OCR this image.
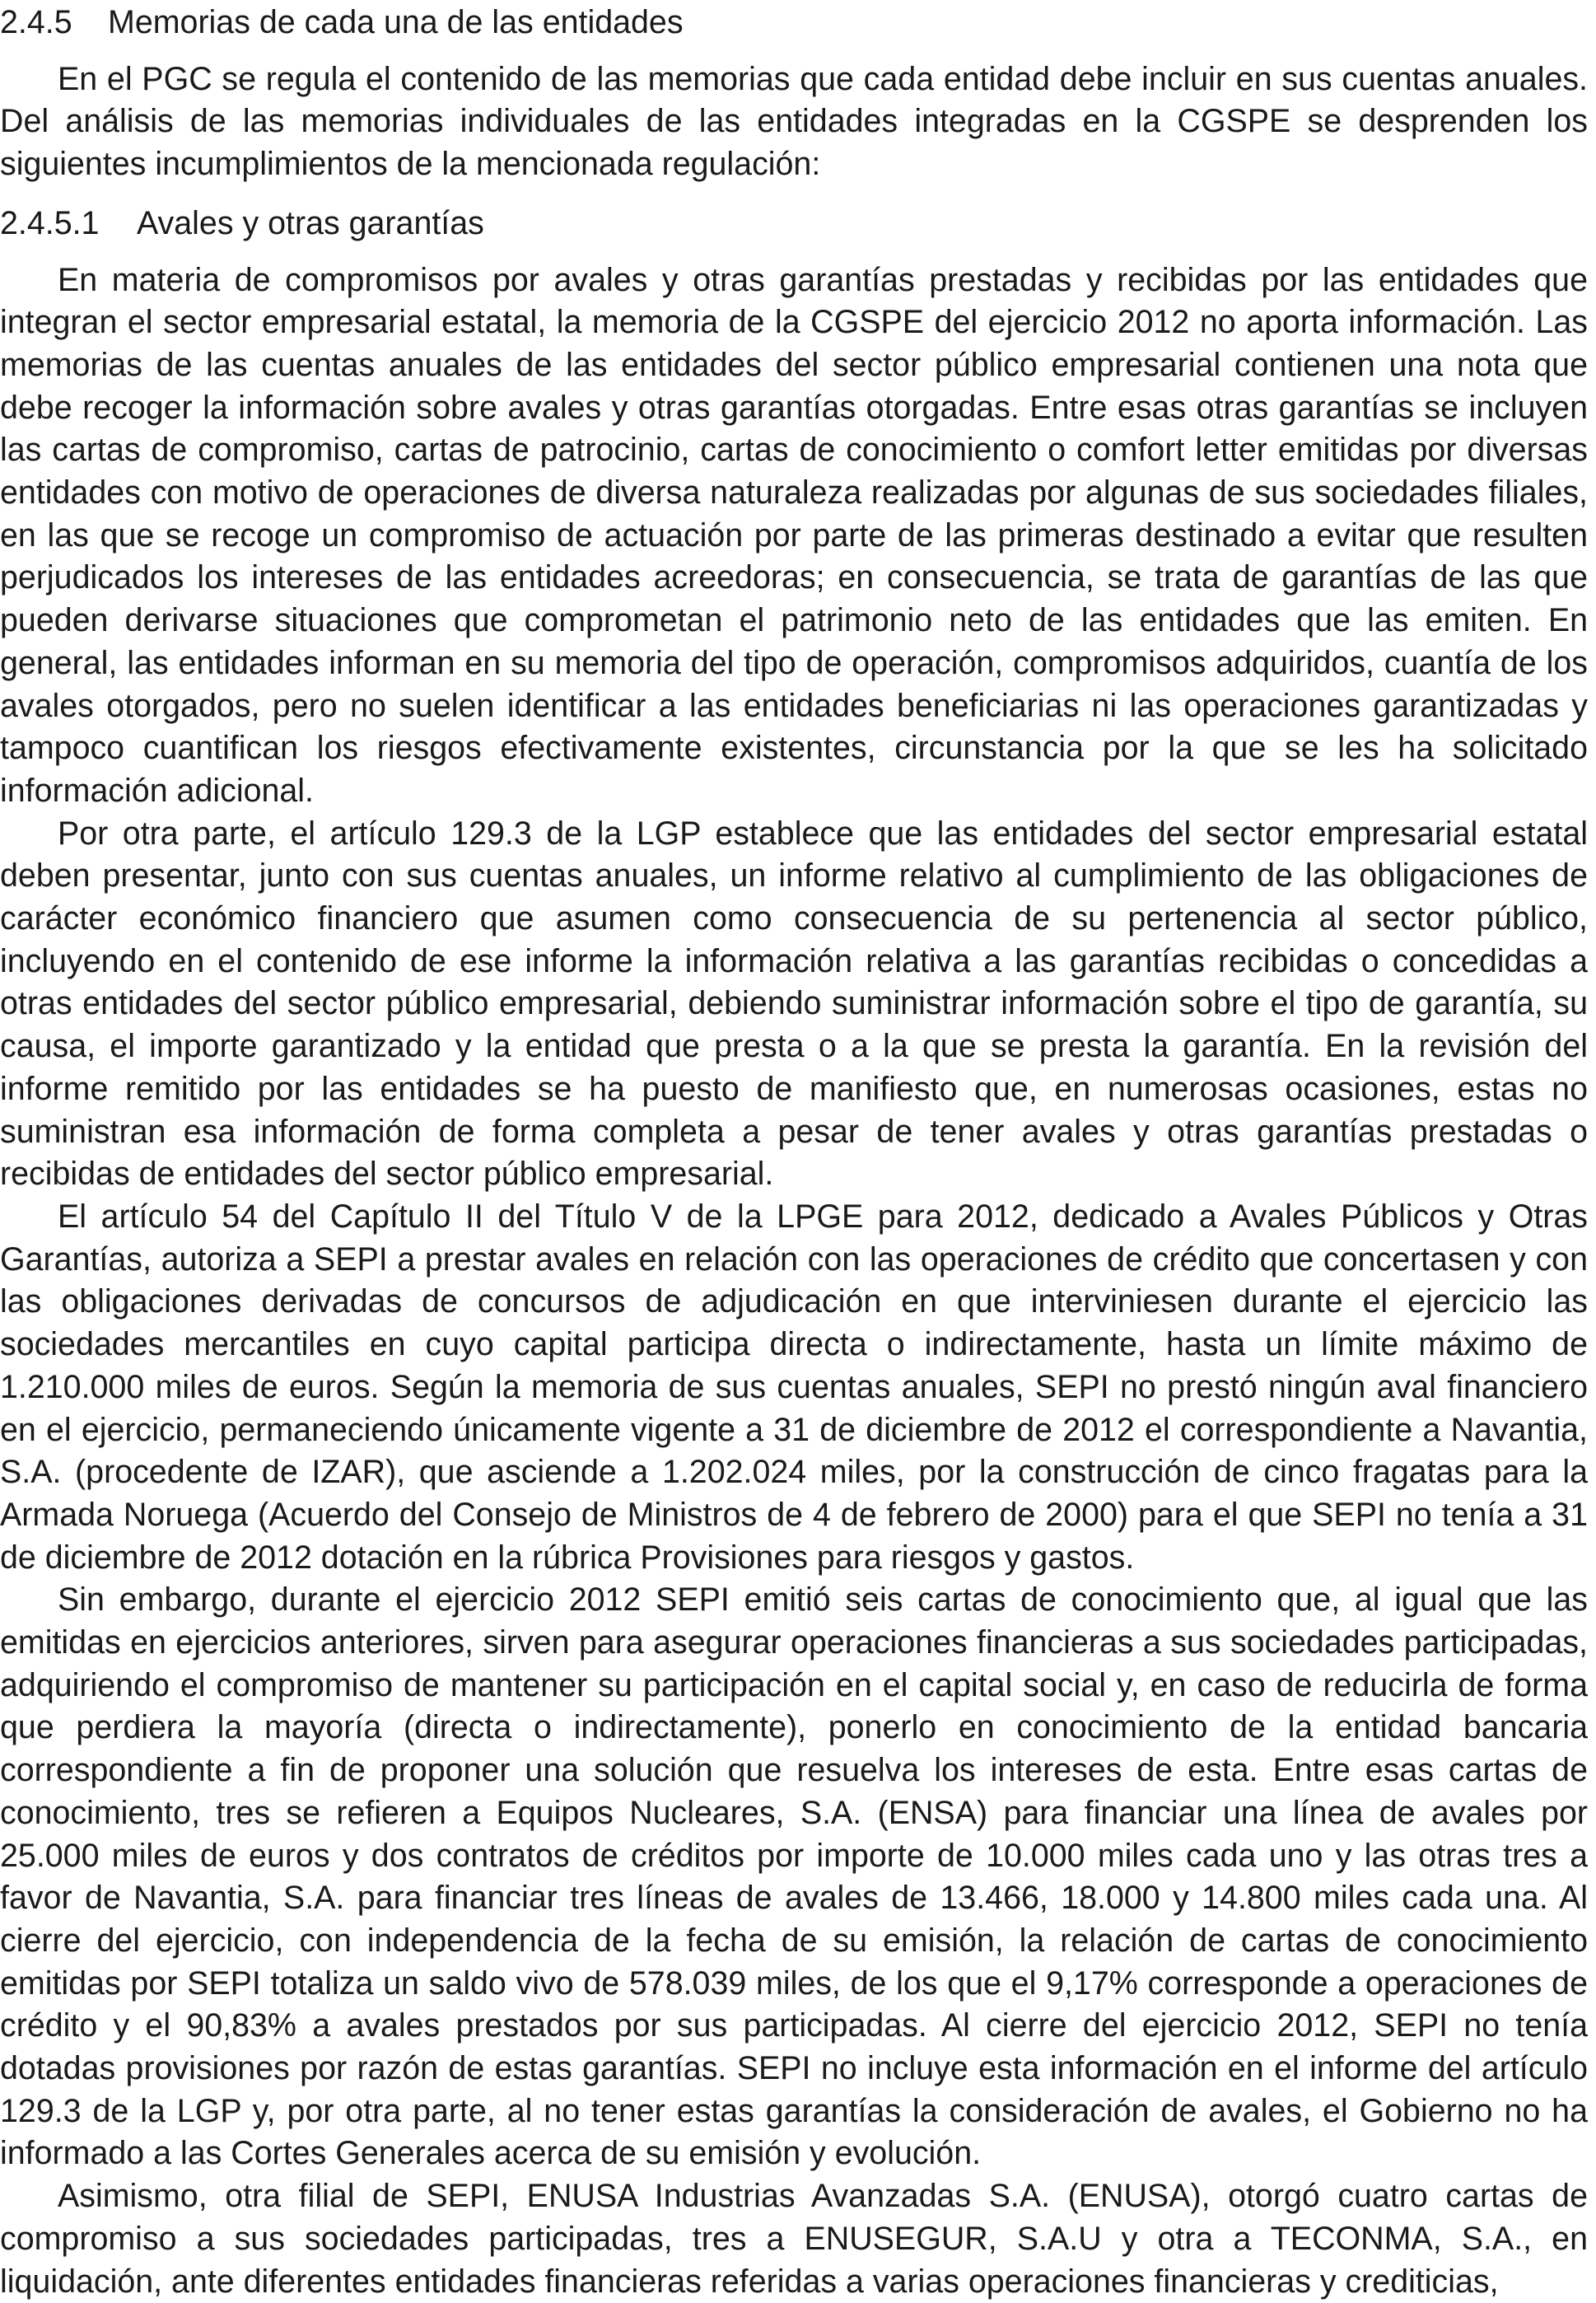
2.4.5 Memorias de cada una de las entidades

En el PGC se regula el contenido de las memorias que cada entidad debe incluir en sus cuentas anuales. Del análisis de las memorias individuales de las entidades integradas en la CGSPE se desprenden los siguientes incumplimientos de la mencionada regulación:

2.4.5.1 Avales y otras garantías

En materia de compromisos por avales y otras garantías prestadas y recibidas por las entidades que integran el sector empresarial estatal, la memoria de la CGSPE del ejercicio 2012 no aporta información. Las memorias de las cuentas anuales de las entidades del sector público empresarial contienen una nota que debe recoger la información sobre avales y otras garantías otorgadas. Entre esas otras garantías se incluyen las cartas de compromiso, cartas de patrocinio, cartas de conocimiento o comfort letter emitidas por diversas entidades con motivo de operaciones de diversa naturaleza realizadas por algunas de sus sociedades filiales, en las que se recoge un compromiso de actuación por parte de las primeras destinado a evitar que resulten perjudicados los intereses de las entidades acreedoras; en consecuencia, se trata de garantías de las que pueden derivarse situaciones que comprometan el patrimonio neto de las entidades que las emiten. En general, las entidades informan en su memoria del tipo de operación, compromisos adquiridos, cuantía de los avales otorgados, pero no suelen identificar a las entidades beneficiarias ni las operaciones garantizadas y tampoco cuantifican los riesgos efectivamente existentes, circunstancia por la que se les ha solicitado información adicional.

Por otra parte, el artículo 129.3 de la LGP establece que las entidades del sector empresarial estatal deben presentar, junto con sus cuentas anuales, un informe relativo al cumplimiento de las obligaciones de carácter económico financiero que asumen como consecuencia de su pertenencia al sector público, incluyendo en el contenido de ese informe la información relativa a las garantías recibidas o concedidas a otras entidades del sector público empresarial, debiendo suministrar información sobre el tipo de garantía, su causa, el importe garantizado y la entidad que presta o a la que se presta la garantía. En la revisión del informe remitido por las entidades se ha puesto de manifiesto que, en numerosas ocasiones, estas no suministran esa información de forma completa a pesar de tener avales y otras garantías prestadas o recibidas de entidades del sector público empresarial.

El artículo 54 del Capítulo II del Título V de la LPGE para 2012, dedicado a Avales Públicos y Otras Garantías, autoriza a SEPI a prestar avales en relación con las operaciones de crédito que concertasen y con las obligaciones derivadas de concursos de adjudicación en que interviniesen durante el ejercicio las sociedades mercantiles en cuyo capital participa directa o indirectamente, hasta un límite máximo de 1.210.000 miles de euros. Según la memoria de sus cuentas anuales, SEPI no prestó ningún aval financiero en el ejercicio, permaneciendo únicamente vigente a 31 de diciembre de 2012 el correspondiente a Navantia, S.A. (procedente de IZAR), que asciende a 1.202.024 miles, por la construcción de cinco fragatas para la Armada Noruega (Acuerdo del Consejo de Ministros de 4 de febrero de 2000) para el que SEPI no tenía a 31 de diciembre de 2012 dotación en la rúbrica Provisiones para riesgos y gastos.

Sin embargo, durante el ejercicio 2012 SEPI emitió seis cartas de conocimiento que, al igual que las emitidas en ejercicios anteriores, sirven para asegurar operaciones financieras a sus sociedades participadas, adquiriendo el compromiso de mantener su participación en el capital social y, en caso de reducirla de forma que perdiera la mayoría (directa o indirectamente), ponerlo en conocimiento de la entidad bancaria correspondiente a fin de proponer una solución que resuelva los intereses de esta. Entre esas cartas de conocimiento, tres se refieren a Equipos Nucleares, S.A. (ENSA) para financiar una línea de avales por 25.000 miles de euros y dos contratos de créditos por importe de 10.000 miles cada uno y las otras tres a favor de Navantia, S.A. para financiar tres líneas de avales de 13.466, 18.000 y 14.800 miles cada una. Al cierre del ejercicio, con independencia de la fecha de su emisión, la relación de cartas de conocimiento emitidas por SEPI totaliza un saldo vivo de 578.039 miles, de los que el 9,17% corresponde a operaciones de crédito y el 90,83% a avales prestados por sus participadas. Al cierre del ejercicio 2012, SEPI no tenía dotadas provisiones por razón de estas garantías. SEPI no incluye esta información en el informe del artículo 129.3 de la LGP y, por otra parte, al no tener estas garantías la consideración de avales, el Gobierno no ha informado a las Cortes Generales acerca de su emisión y evolución.

Asimismo, otra filial de SEPI, ENUSA Industrias Avanzadas S.A. (ENUSA), otorgó cuatro cartas de compromiso a sus sociedades participadas, tres a ENUSEGUR, S.A.U y otra a TECONMA, S.A., en liquidación, ante diferentes entidades financieras referidas a varias operaciones financieras y crediticias,
